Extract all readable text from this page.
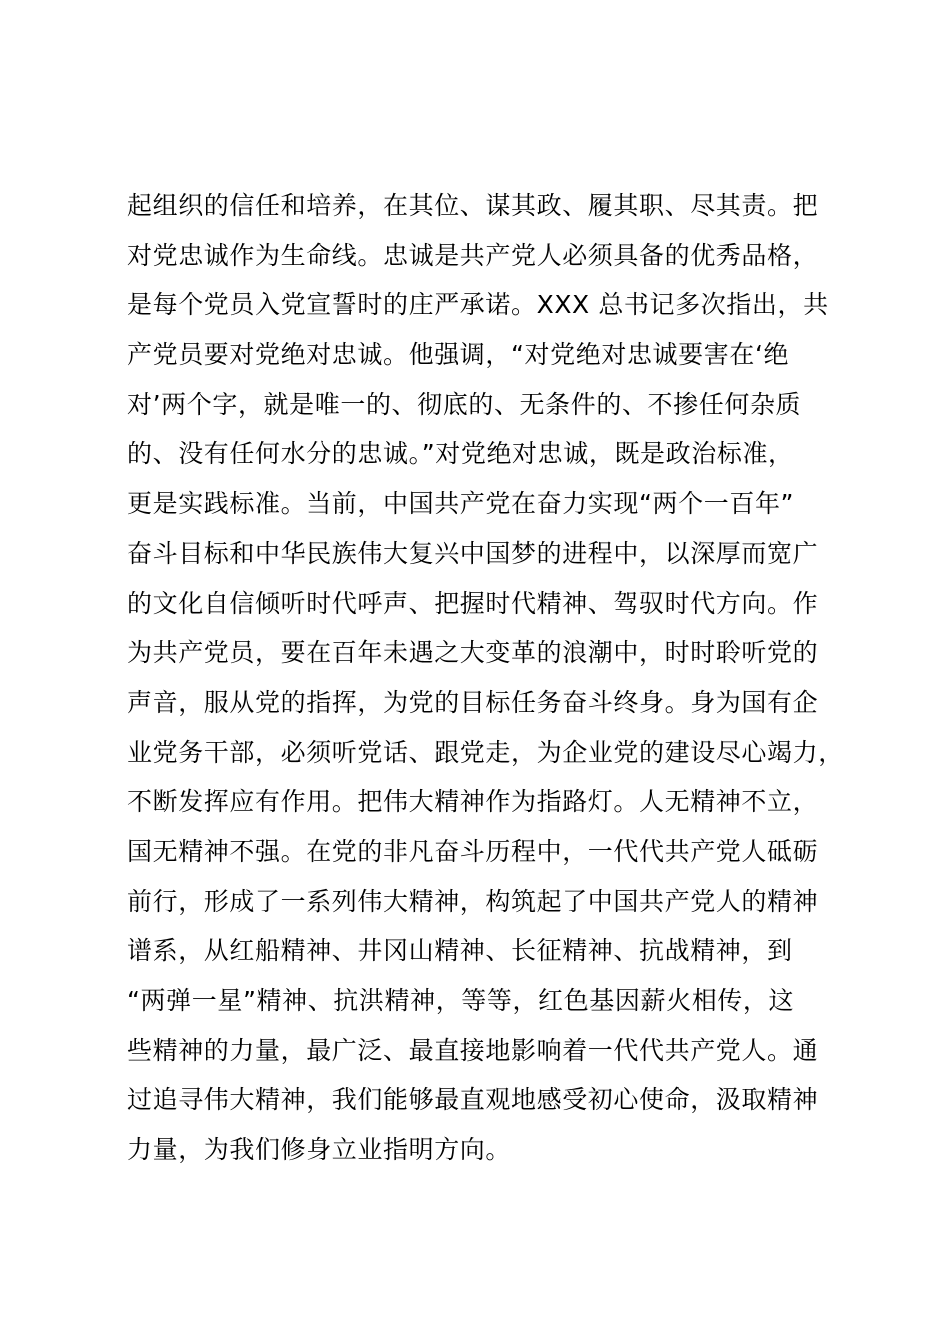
起组织的信任和培养，在其位、谋其政、履其职、尽其责。把
对党忠诚作为生命线。忠诚是共产党人必须具备的优秀品格，
是每个党员入党宣誓时的庄严承诺。XXX 总书记多次指出，共
产党员要对党绝对忠诚。他强调，“对党绝对忠诚要害在‘绝
对’两个字，就是唯一的、彻底的、无条件的、不掺任何杂质
的、没有任何水分的忠诚。”对党绝对忠诚，既是政治标准，
更是实践标准。当前，中国共产党在奋力实现“两个一百年”
奋斗目标和中华民族伟大复兴中国梦的进程中，以深厚而宽广
的文化自信倾听时代呼声、把握时代精神、驾驭时代方向。作
为共产党员，要在百年未遇之大变革的浪潮中，时时聆听党的
声音，服从党的指挥，为党的目标任务奋斗终身。身为国有企
业党务干部，必须听党话、跟党走，为企业党的建设尽心竭力，
不断发挥应有作用。把伟大精神作为指路灯。人无精神不立，
国无精神不强。在党的非凡奋斗历程中，一代代共产党人砥砺
前行，形成了一系列伟大精神，构筑起了中国共产党人的精神
谱系，从红船精神、井冈山精神、长征精神、抗战精神，到
“两弹一星”精神、抗洪精神，等等，红色基因薪火相传，这
些精神的力量，最广泛、最直接地影响着一代代共产党人。通
过追寻伟大精神，我们能够最直观地感受初心使命，汲取精神
力量，为我们修身立业指明方向。
